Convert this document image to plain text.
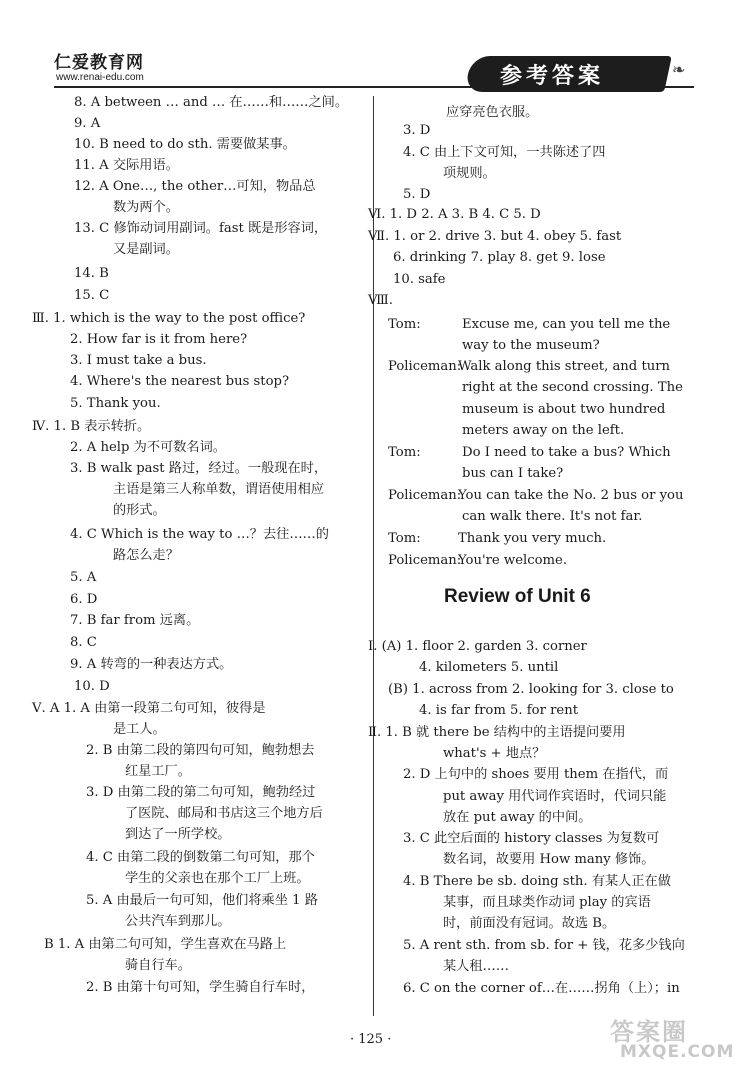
仁爱教育网
www.renai-edu.com	参考答案	❧
8. A between … and … 在……和……之间。
9. A
10. B need to do sth. 需要做某事。
11. A 交际用语。
12. A One…, the other…可知，物品总
数为两个。
13. C 修饰动词用副词。fast 既是形容词，
又是副词。
14. B
15. C
Ⅲ. 1. which is the way to the post office?
2. How far is it from here?
3. I must take a bus.
4. Where's the nearest bus stop?
5. Thank you.
Ⅳ. 1. B 表示转折。
2. A help 为不可数名词。
3. B walk past 路过，经过。一般现在时，
主语是第三人称单数，谓语使用相应
的形式。
4. C Which is the way to …？去往……的
路怎么走？
5. A
6. D
7. B far from 远离。
8. C
9. A 转弯的一种表达方式。
10. D
Ⅴ. A 1. A 由第一段第二句可知，彼得是
是工人。
2. B 由第二段的第四句可知，鲍勃想去
红星工厂。
3. D 由第二段的第二句可知，鲍勃经过
了医院、邮局和书店这三个地方后
到达了一所学校。
4. C 由第二段的倒数第二句可知，那个
学生的父亲也在那个工厂上班。
5. A 由最后一句可知，他们将乘坐 1 路
公共汽车到那儿。
B 1. A 由第二句可知，学生喜欢在马路上
骑自行车。
2. B 由第十句可知，学生骑自行车时，
应穿亮色衣服。
3. D
4. C 由上下文可知，一共陈述了四
项规则。
5. D
Ⅵ. 1. D 2. A 3. B 4. C 5. D
Ⅶ. 1. or 2. drive 3. but 4. obey 5. fast
6. drinking 7. play 8. get 9. lose
10. safe
Ⅷ.
Tom:	Excuse me, can you tell me the
way to the museum?
Policeman:
Walk along this street, and turn
right at the second crossing. The
museum is about two hundred
meters away on the left.
Tom:	Do I need to take a bus? Which
bus can I take?
Policeman:
You can take the No. 2 bus or you
can walk there. It's not far.
Tom:	Thank you very much.
Policeman:
You're welcome.
Review of Unit 6
Ⅰ. (A) 1. floor 2. garden 3. corner
4. kilometers 5. until
(B) 1. across from 2. looking for 3. close to
4. is far from 5. for rent
Ⅱ. 1. B 就 there be 结构中的主语提问要用
what's + 地点？
2. D 上句中的 shoes 要用 them 在指代，而
put away 用代词作宾语时，代词只能
放在 put away 的中间。
3. C 此空后面的 history classes 为复数可
数名词，故要用 How many 修饰。
4. B There be sb. doing sth. 有某人正在做
某事，而且球类作动词 play 的宾语
时，前面没有冠词。故选 B。
5. A rent sth. from sb. for + 钱，花多少钱向
某人租……
6. C on the corner of…在……拐角（上）；in
· 125 ·	答案圈
MXQE.COM
